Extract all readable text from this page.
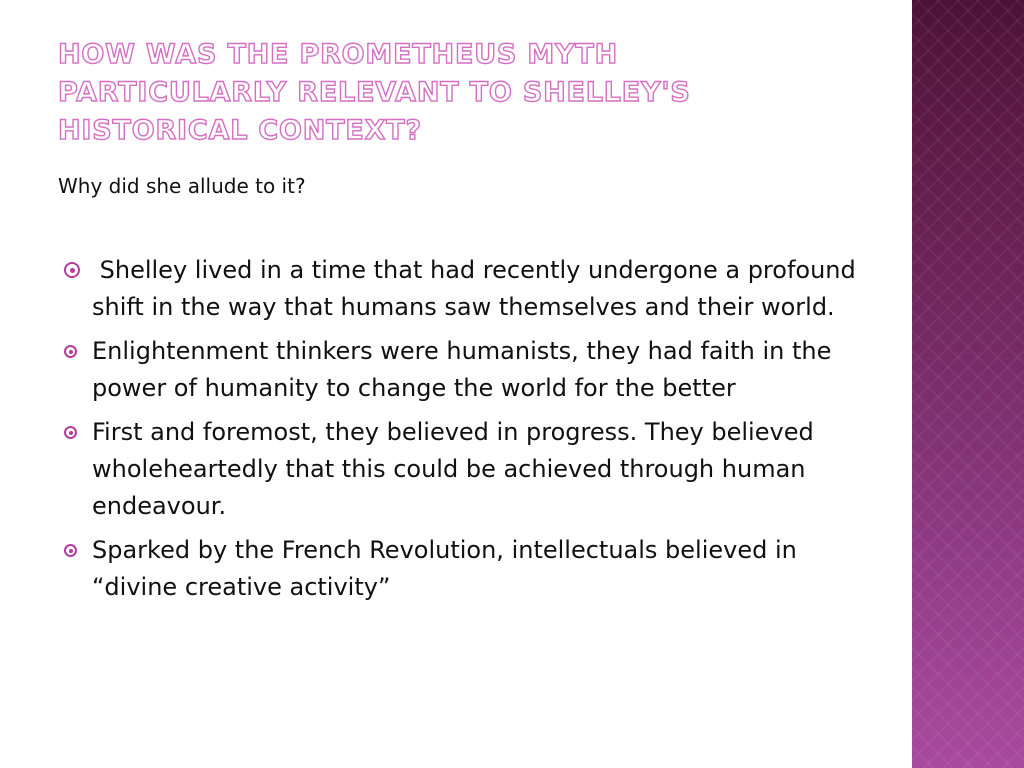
HOW WAS THE PROMETHEUS MYTH PARTICULARLY RELEVANT TO SHELLEY'S HISTORICAL CONTEXT?

Why did she allude to it?

Shelley lived in a time that had recently undergone a profound shift in the way that humans saw themselves and their world.
Enlightenment thinkers were humanists, they had faith in the power of humanity to change the world for the better
First and foremost, they believed in progress. They believed wholeheartedly that this could be achieved through human endeavour.
Sparked by the French Revolution, intellectuals believed in “divine creative activity”
